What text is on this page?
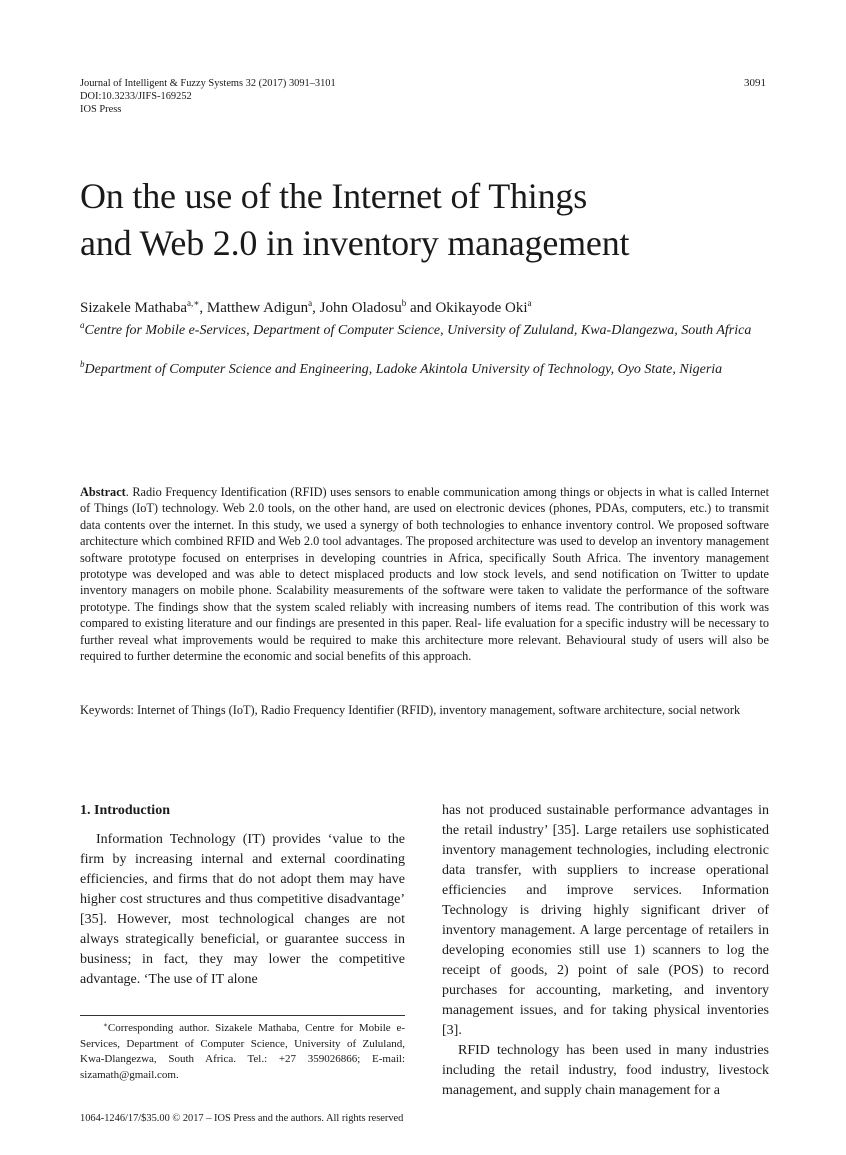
Journal of Intelligent & Fuzzy Systems 32 (2017) 3091–3101
DOI:10.3233/JIFS-169252
IOS Press
3091
On the use of the Internet of Things
and Web 2.0 in inventory management
Sizakele Mathaba$^{a,∗}$, Matthew Adigun$^a$, John Oladosu$^b$ and Okikayode Oki$^a$
$^a$Centre for Mobile e-Services, Department of Computer Science, University of Zululand, Kwa-Dlangezwa, South Africa
$^b$Department of Computer Science and Engineering, Ladoke Akintola University of Technology, Oyo State, Nigeria
Abstract. Radio Frequency Identification (RFID) uses sensors to enable communication among things or objects in what is called Internet of Things (IoT) technology. Web 2.0 tools, on the other hand, are used on electronic devices (phones, PDAs, computers, etc.) to transmit data contents over the internet. In this study, we used a synergy of both technologies to enhance inventory control. We proposed software architecture which combined RFID and Web 2.0 tool advantages. The proposed architecture was used to develop an inventory management software prototype focused on enterprises in developing countries in Africa, specifically South Africa. The inventory management prototype was developed and was able to detect misplaced products and low stock levels, and send notification on Twitter to update inventory managers on mobile phone. Scalability measurements of the software were taken to validate the performance of the software prototype. The findings show that the system scaled reliably with increasing numbers of items read. The contribution of this work was compared to existing literature and our findings are presented in this paper. Real- life evaluation for a specific industry will be necessary to further reveal what improvements would be required to make this architecture more relevant. Behavioural study of users will also be required to further determine the economic and social benefits of this approach.
Keywords: Internet of Things (IoT), Radio Frequency Identifier (RFID), inventory management, software architecture, social network
1. Introduction

Information Technology (IT) provides ‘value to the firm by increasing internal and external coordinating efficiencies, and firms that do not adopt them may have higher cost structures and thus competitive disadvantage’ [35]. However, most technological changes are not always strategically beneficial, or guarantee success in business; in fact, they may lower the competitive advantage. ‘The use of IT alone

has not produced sustainable performance advantages in the retail industry’ [35]. Large retailers use sophisticated inventory management technologies, including electronic data transfer, with suppliers to increase operational efficiencies and improve services. Information Technology is driving highly significant driver of inventory management. A large percentage of retailers in developing economies still use 1) scanners to log the receipt of goods, 2) point of sale (POS) to record purchases for accounting, marketing, and inventory management issues, and for taking physical inventories [3].

RFID technology has been used in many industries including the retail industry, food industry, livestock management, and supply chain management for a

∗Corresponding author. Sizakele Mathaba, Centre for Mobile e-Services, Department of Computer Science, University of Zululand, Kwa-Dlangezwa, South Africa. Tel.: +27 359026866; E-mail: sizamath@gmail.com.
1064-1246/17/$35.00 © 2017 – IOS Press and the authors. All rights reserved
